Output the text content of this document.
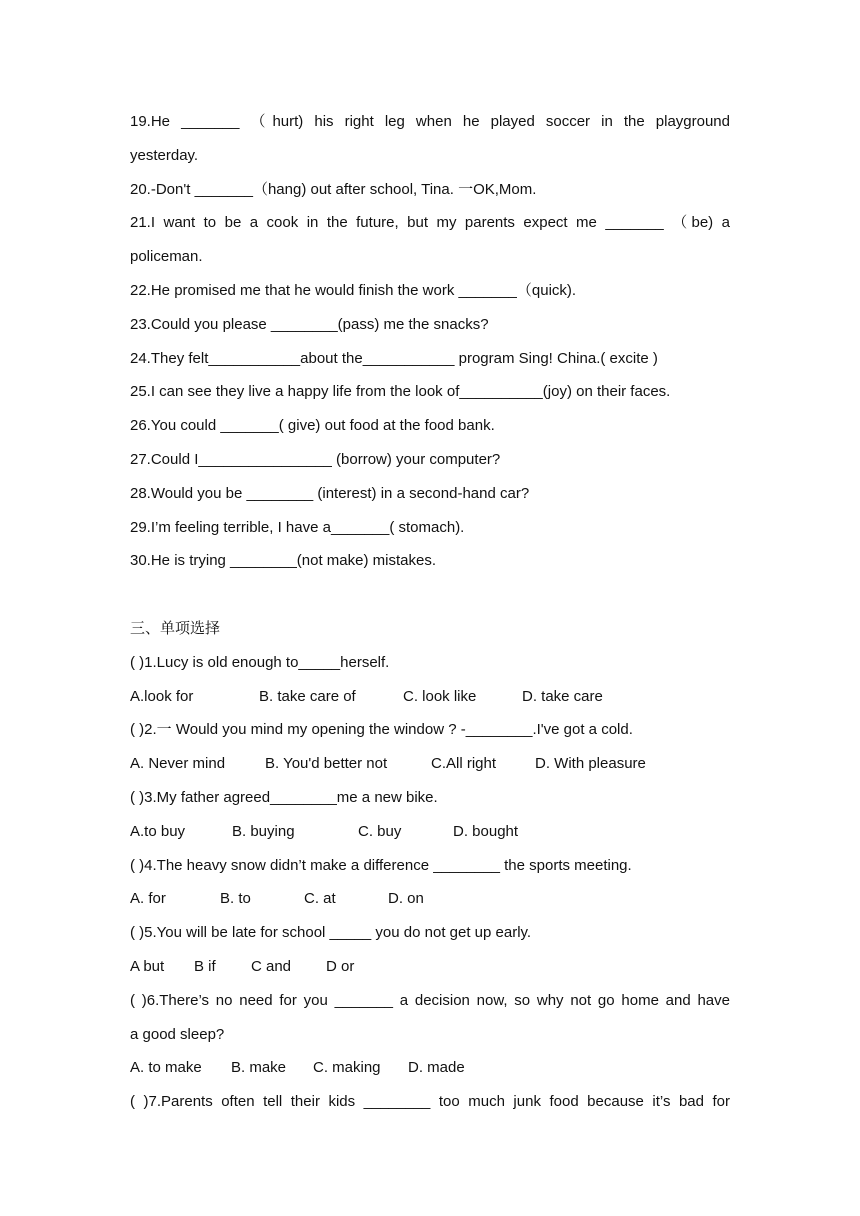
19.He _______ （hurt) his right leg when he played soccer in the playground
yesterday.
20.-Don't _______（hang) out after school, Tina. 一OK,Mom.
21.I want to be a cook in the future, but my parents expect me _______ （be) a
policeman.
22.He promised me that he would finish the work _______（quick).
23.Could you please ________(pass) me the snacks?
24.They felt___________about the___________ program Sing! China.( excite )
25.I can see they live a happy life from the look of__________(joy) on their faces.
26.You could _______( give) out food at the food bank.
27.Could I________________ (borrow) your computer?
28.Would you be ________ (interest) in a second-hand car?
29.I’m feeling terrible, I have a_______( stomach).
30.He is trying ________(not make) mistakes.
三、单项选择
( )1.Lucy is old enough to_____herself.
A.look for	B. take care of	C. look like	D. take care
( )2.一 Would you mind my opening the window ? -________.I've got a cold.
A. Never mind	B. You'd better not	C.All right	D. With pleasure
( )3.My father agreed________me a new bike.
A.to buy	B. buying	C. buy	D. bought
( )4.The heavy snow didn’t make a difference ________ the sports meeting.
A. for	B. to	C. at	D. on
( )5.You will be late for school _____ you do not get up early.
A but	B if	C and	D or
( )6.There’s no need for you _______ a decision now, so why not go home and have
a good sleep?
A. to make	B. make	C. making	D. made
( )7.Parents often tell their kids ________ too much junk food because it’s bad for
